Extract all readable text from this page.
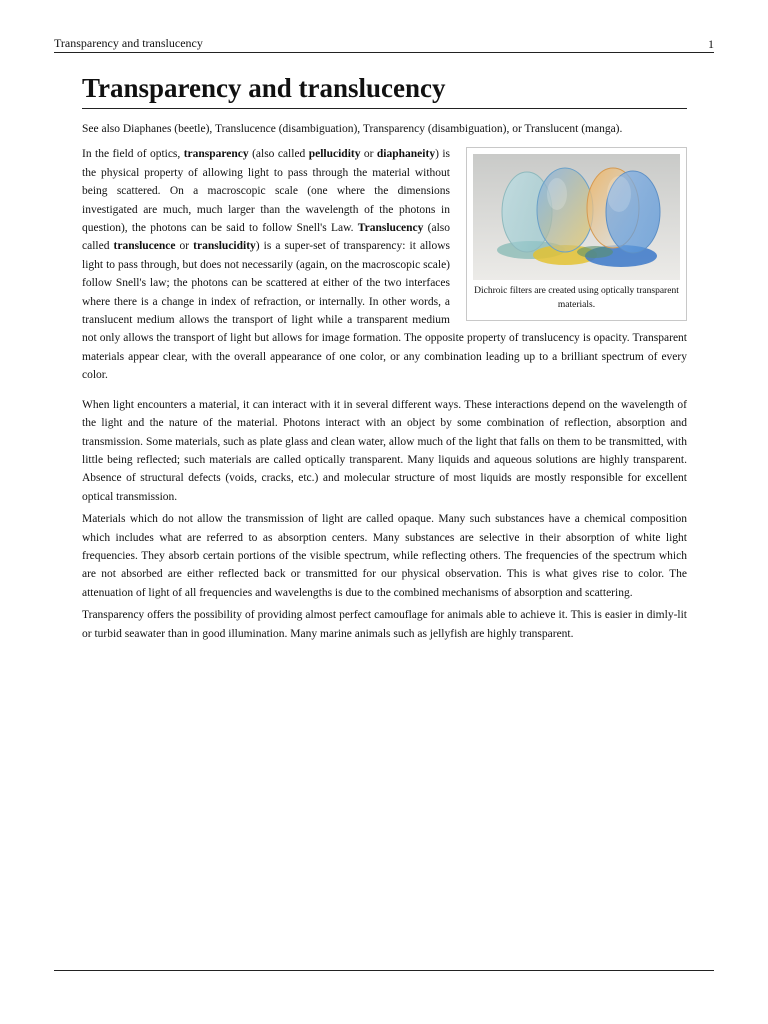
Transparency and translucency	1
Transparency and translucency

See also Diaphanes (beetle), Translucence (disambiguation), Transparency (disambiguation), or Translucent (manga).

Dichroic filters are created using optically transparent materials.
In the field of optics, transparency (also called pellucidity or diaphaneity) is the physical property of allowing light to pass through the material without being scattered. On a macroscopic scale (one where the dimensions investigated are much, much larger than the wavelength of the photons in question), the photons can be said to follow Snell's Law. Translucency (also called translucence or translucidity) is a super-set of transparency: it allows light to pass through, but does not necessarily (again, on the macroscopic scale) follow Snell's law; the photons can be scattered at either of the two interfaces where there is a change in index of refraction, or internally. In other words, a translucent medium allows the transport of light while a transparent medium not only allows the transport of light but allows for image formation. The opposite property of translucency is opacity. Transparent materials appear clear, with the overall appearance of one color, or any combination leading up to a brilliant spectrum of every color.

When light encounters a material, it can interact with it in several different ways. These interactions depend on the wavelength of the light and the nature of the material. Photons interact with an object by some combination of reflection, absorption and transmission. Some materials, such as plate glass and clean water, allow much of the light that falls on them to be transmitted, with little being reflected; such materials are called optically transparent. Many liquids and aqueous solutions are highly transparent. Absence of structural defects (voids, cracks, etc.) and molecular structure of most liquids are mostly responsible for excellent optical transmission.

Materials which do not allow the transmission of light are called opaque. Many such substances have a chemical composition which includes what are referred to as absorption centers. Many substances are selective in their absorption of white light frequencies. They absorb certain portions of the visible spectrum, while reflecting others. The frequencies of the spectrum which are not absorbed are either reflected back or transmitted for our physical observation. This is what gives rise to color. The attenuation of light of all frequencies and wavelengths is due to the combined mechanisms of absorption and scattering.

Transparency offers the possibility of providing almost perfect camouflage for animals able to achieve it. This is easier in dimly-lit or turbid seawater than in good illumination. Many marine animals such as jellyfish are highly transparent.
